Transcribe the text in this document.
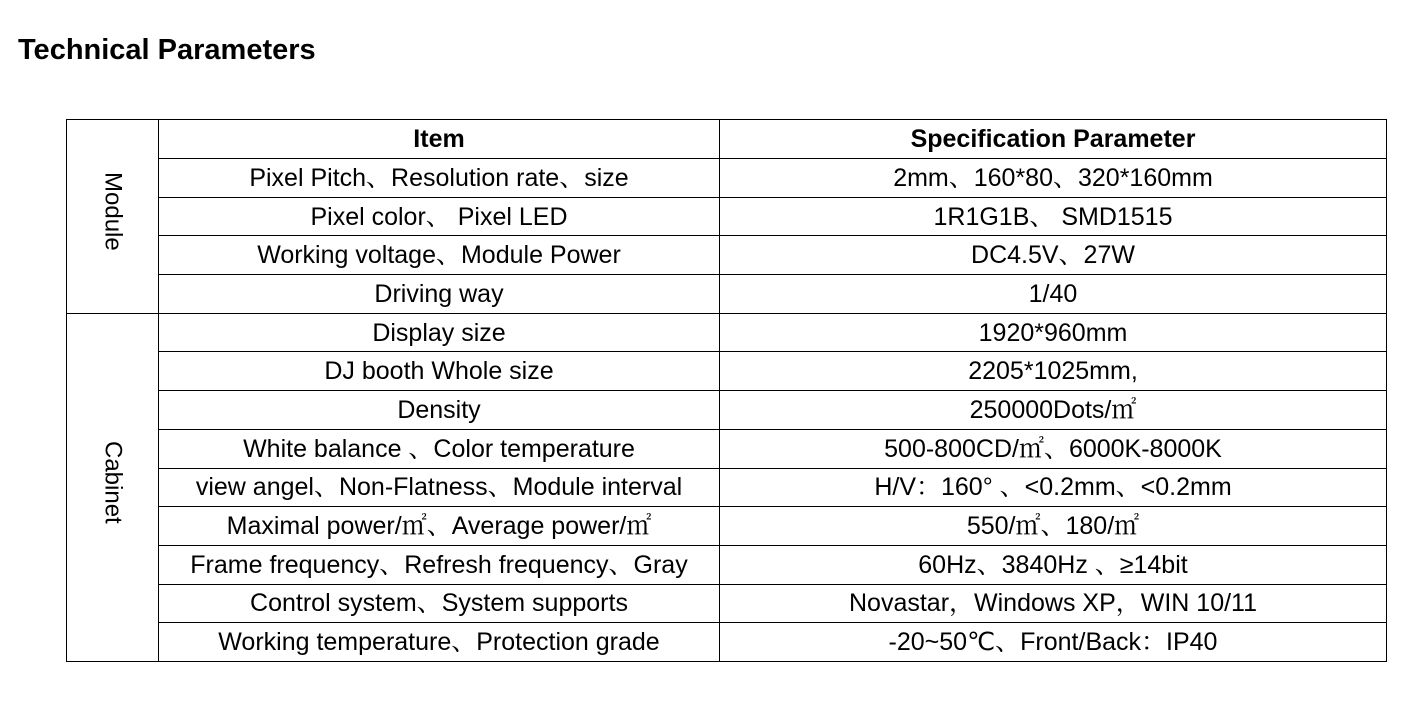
Technical Parameters
Module	Item	Specification Parameter
	Pixel Pitch、Resolution rate、size	2mm、160*80、320*160mm
	Pixel color、 Pixel LED	1R1G1B、 SMD1515
	Working voltage、Module Power	DC4.5V、27W
	Driving way	1/40
Cabinet	Display size	1920*960mm
	DJ booth Whole size	2205*1025mm,
	Density	250000Dots/㎡
	White balance 、Color temperature	500-800CD/㎡、6000K-8000K
	view angel、Non-Flatness、Module interval	H/V：160° 、<0.2mm、<0.2mm
	Maximal power/㎡、Average power/㎡	550/㎡、180/㎡
	Frame frequency、Refresh frequency、Gray	60Hz、3840Hz 、≥14bit
	Control system、System supports	Novastar，Windows XP，WIN 10/11
	Working temperature、Protection grade	-20~50℃、Front/Back：IP40
